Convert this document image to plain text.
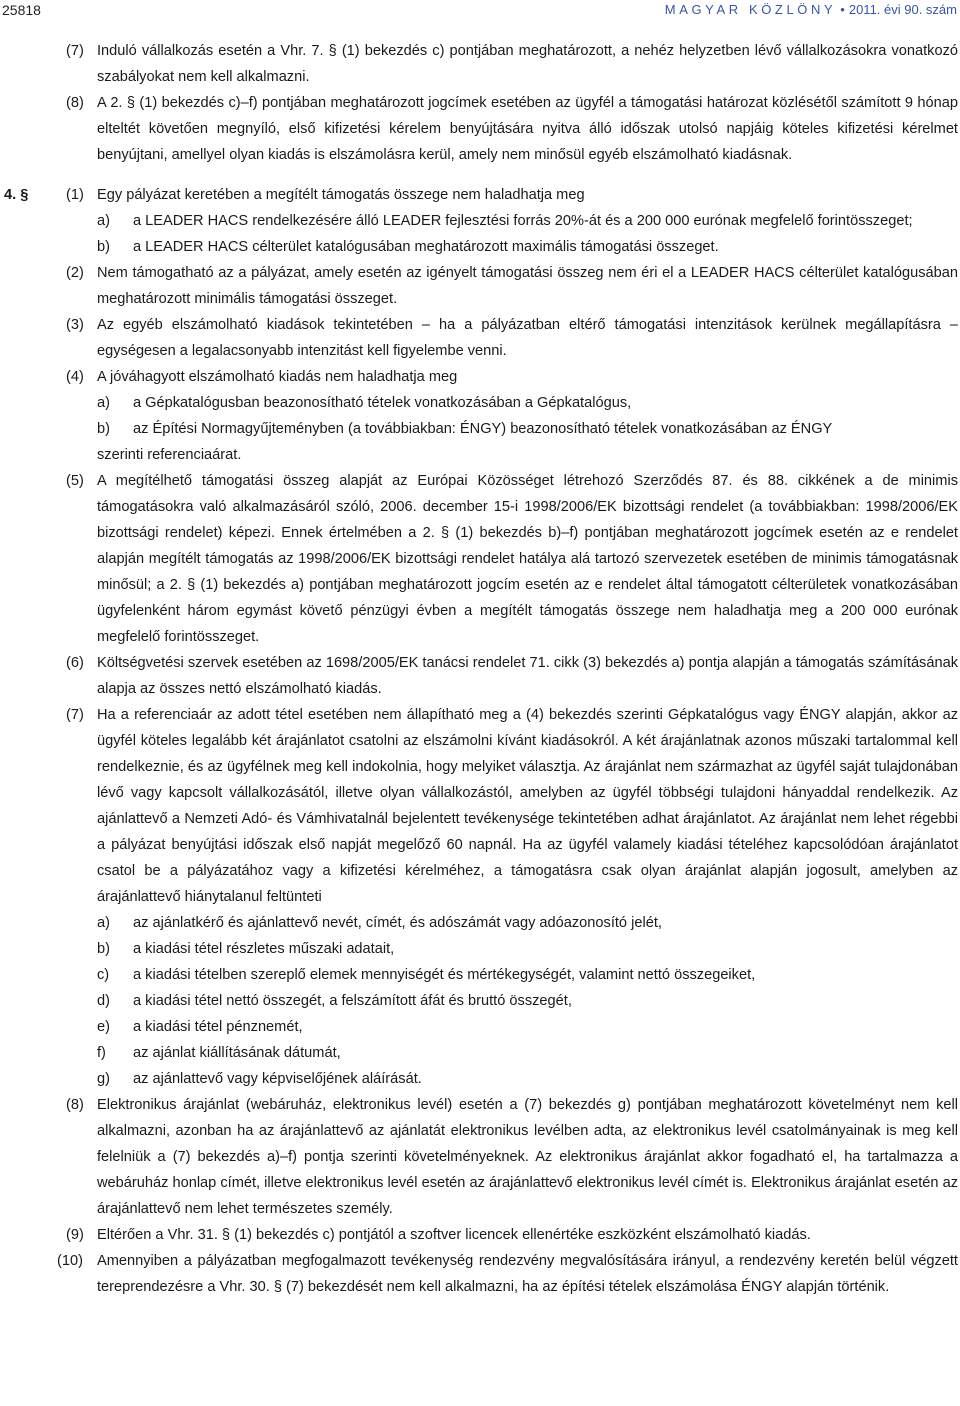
25818	MAGYAR KÖZLÖNY • 2011. évi 90. szám

(7) Induló vállalkozás esetén a Vhr. 7. § (1) bekezdés c) pontjában meghatározott, a nehéz helyzetben lévő vállalkozásokra vonatkozó szabályokat nem kell alkalmazni.

(8) A 2. § (1) bekezdés c)–f) pontjában meghatározott jogcímek esetében az ügyfél a támogatási határozat közlésétől számított 9 hónap elteltét követően megnyíló, első kifizetési kérelem benyújtására nyitva álló időszak utolsó napjáig köteles kifizetési kérelmet benyújtani, amellyel olyan kiadás is elszámolásra kerül, amely nem minősül egyéb elszámolható kiadásnak.

4. §	(1) Egy pályázat keretében a megítélt támogatás összege nem haladhatja meg

a) a LEADER HACS rendelkezésére álló LEADER fejlesztési forrás 20%-át és a 200 000 eurónak megfelelő forintösszeget;

b) a LEADER HACS célterület katalógusában meghatározott maximális támogatási összeget.

(2) Nem támogatható az a pályázat, amely esetén az igényelt támogatási összeg nem éri el a LEADER HACS célterület katalógusában meghatározott minimális támogatási összeget.

(3) Az egyéb elszámolható kiadások tekintetében – ha a pályázatban eltérő támogatási intenzitások kerülnek megállapításra – egységesen a legalacsonyabb intenzitást kell figyelembe venni.

(4) A jóváhagyott elszámolható kiadás nem haladhatja meg

a) a Gépkatalógusban beazonosítható tételek vonatkozásában a Gépkatalógus,

b) az Építési Normagyűjteményben (a továbbiakban: ÉNGY) beazonosítható tételek vonatkozásában az ÉNGY

szerinti referenciaárat.

(5) A megítélhető támogatási összeg alapját az Európai Közösséget létrehozó Szerződés 87. és 88. cikkének a de minimis támogatásokra való alkalmazásáról szóló, 2006. december 15-i 1998/2006/EK bizottsági rendelet (a továbbiakban: 1998/2006/EK bizottsági rendelet) képezi. Ennek értelmében a 2. § (1) bekezdés b)–f) pontjában meghatározott jogcímek esetén az e rendelet alapján megítélt támogatás az 1998/2006/EK bizottsági rendelet hatálya alá tartozó szervezetek esetében de minimis támogatásnak minősül; a 2. § (1) bekezdés a) pontjában meghatározott jogcím esetén az e rendelet által támogatott célterületek vonatkozásában ügyfelenként három egymást követő pénzügyi évben a megítélt támogatás összege nem haladhatja meg a 200 000 eurónak megfelelő forintösszeget.

(6) Költségvetési szervek esetében az 1698/2005/EK tanácsi rendelet 71. cikk (3) bekezdés a) pontja alapján a támogatás számításának alapja az összes nettó elszámolható kiadás.

(7) Ha a referenciaár az adott tétel esetében nem állapítható meg a (4) bekezdés szerinti Gépkatalógus vagy ÉNGY alapján, akkor az ügyfél köteles legalább két árajánlatot csatolni az elszámolni kívánt kiadásokról. A két árajánlatnak azonos műszaki tartalommal kell rendelkeznie, és az ügyfélnek meg kell indokolnia, hogy melyiket választja. Az árajánlat nem származhat az ügyfél saját tulajdonában lévő vagy kapcsolt vállalkozásától, illetve olyan vállalkozástól, amelyben az ügyfél többségi tulajdoni hányaddal rendelkezik. Az ajánlattevő a Nemzeti Adó- és Vámhivatalnál bejelentett tevékenysége tekintetében adhat árajánlatot. Az árajánlat nem lehet régebbi a pályázat benyújtási időszak első napját megelőző 60 napnál. Ha az ügyfél valamely kiadási tételéhez kapcsolódóan árajánlatot csatol be a pályázatához vagy a kifizetési kérelméhez, a támogatásra csak olyan árajánlat alapján jogosult, amelyben az árajánlattevő hiánytalanul feltünteti

a) az ajánlatkérő és ajánlattevő nevét, címét, és adószámát vagy adóazonosító jelét,

b) a kiadási tétel részletes műszaki adatait,

c) a kiadási tételben szereplő elemek mennyiségét és mértékegységét, valamint nettó összegeiket,

d) a kiadási tétel nettó összegét, a felszámított áfát és bruttó összegét,

e) a kiadási tétel pénznemét,

f) az ajánlat kiállításának dátumát,

g) az ajánlattevő vagy képviselőjének aláírását.

(8) Elektronikus árajánlat (webáruház, elektronikus levél) esetén a (7) bekezdés g) pontjában meghatározott követelményt nem kell alkalmazni, azonban ha az árajánlattevő az ajánlatát elektronikus levélben adta, az elektronikus levél csatolmányainak is meg kell felelniük a (7) bekezdés a)–f) pontja szerinti követelményeknek. Az elektronikus árajánlat akkor fogadható el, ha tartalmazza a webáruház honlap címét, illetve elektronikus levél esetén az árajánlattevő elektronikus levél címét is. Elektronikus árajánlat esetén az árajánlattevő nem lehet természetes személy.

(9) Eltérően a Vhr. 31. § (1) bekezdés c) pontjától a szoftver licencek ellenértéke eszközként elszámolható kiadás.

(10) Amennyiben a pályázatban megfogalmazott tevékenység rendezvény megvalósítására irányul, a rendezvény keretén belül végzett tereprendezésre a Vhr. 30. § (7) bekezdését nem kell alkalmazni, ha az építési tételek elszámolása ÉNGY alapján történik.
